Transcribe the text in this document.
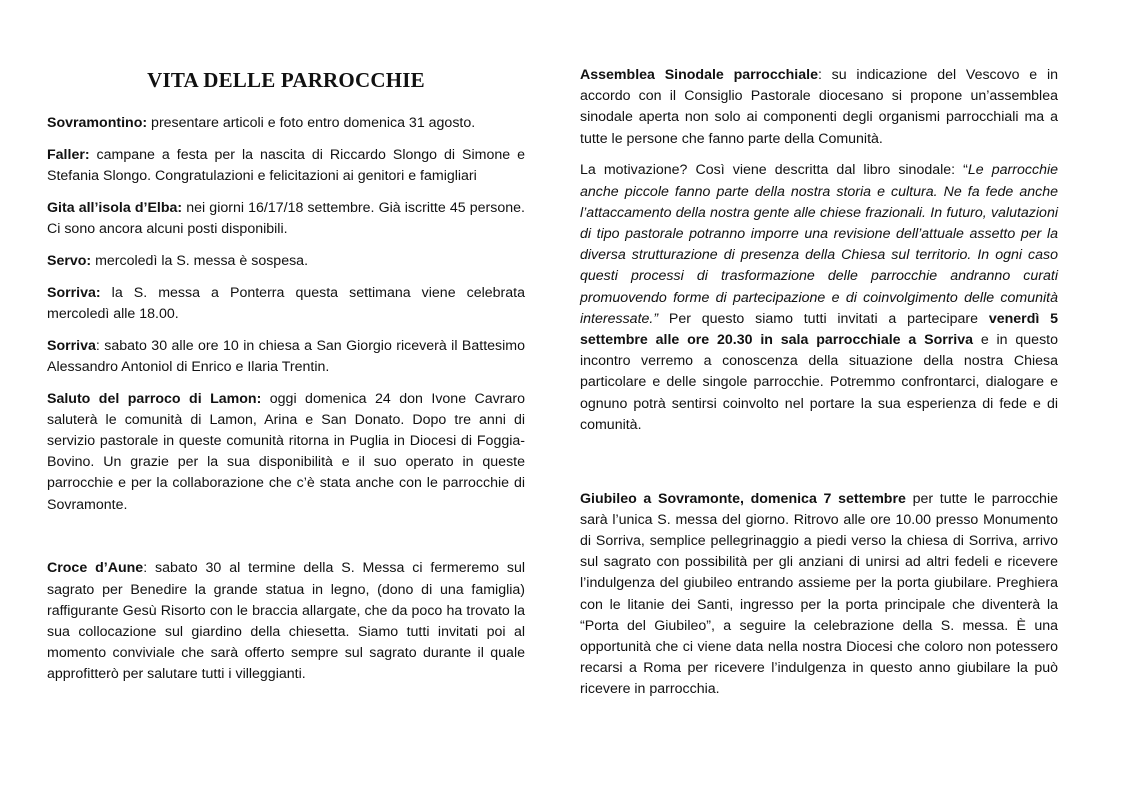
VITA DELLE PARROCCHIE

Sovramontino: presentare articoli e foto entro domenica 31 agosto.

Faller: campane a festa per la nascita di Riccardo Slongo di Simone e Stefania Slongo. Congratulazioni e felicitazioni ai genitori e famigliari

Gita all’isola d’Elba: nei giorni 16/17/18 settembre. Già iscritte 45 persone. Ci sono ancora alcuni posti disponibili.

Servo: mercoledì la S. messa è sospesa.

Sorriva: la S. messa a Ponterra questa settimana viene celebrata mercoledì alle 18.00.

Sorriva: sabato 30 alle ore 10 in chiesa a San Giorgio riceverà il Battesimo Alessandro Antoniol di Enrico e Ilaria Trentin.

Saluto del parroco di Lamon: oggi domenica 24 don Ivone Cavraro saluterà le comunità di Lamon, Arina e San Donato. Dopo tre anni di servizio pastorale in queste comunità ritorna in Puglia in Diocesi di Foggia-Bovino. Un grazie per la sua disponibilità e il suo operato in queste parrocchie e per la collaborazione che c’è stata anche con le parrocchie di Sovramonte.

Croce d’Aune: sabato 30 al termine della S. Messa ci fermeremo sul sagrato per Benedire la grande statua in legno, (dono di una famiglia) raffigurante Gesù Risorto con le braccia allargate, che da poco ha trovato la sua collocazione sul giardino della chiesetta. Siamo tutti invitati poi al momento conviviale che sarà offerto sempre sul sagrato durante il quale approfitterò per salutare tutti i villeggianti.

Assemblea Sinodale parrocchiale: su indicazione del Vescovo e in accordo con il Consiglio Pastorale diocesano si propone un’assemblea sinodale aperta non solo ai componenti degli organismi parrocchiali ma a tutte le persone che fanno parte della Comunità.

La motivazione? Così viene descritta dal libro sinodale: “Le parrocchie anche piccole fanno parte della nostra storia e cultura. Ne fa fede anche l’attaccamento della nostra gente alle chiese frazionali. In futuro, valutazioni di tipo pastorale potranno imporre una revisione dell’attuale assetto per la diversa strutturazione di presenza della Chiesa sul territorio. In ogni caso questi processi di trasformazione delle parrocchie andranno curati promuovendo forme di partecipazione e di coinvolgimento delle comunità interessate.” Per questo siamo tutti invitati a partecipare venerdì 5 settembre alle ore 20.30 in sala parrocchiale a Sorriva e in questo incontro verremo a conoscenza della situazione della nostra Chiesa particolare e delle singole parrocchie. Potremmo confrontarci, dialogare e ognuno potrà sentirsi coinvolto nel portare la sua esperienza di fede e di comunità.

Giubileo a Sovramonte, domenica 7 settembre per tutte le parrocchie sarà l’unica S. messa del giorno. Ritrovo alle ore 10.00 presso Monumento di Sorriva, semplice pellegrinaggio a piedi verso la chiesa di Sorriva, arrivo sul sagrato con possibilità per gli anziani di unirsi ad altri fedeli e ricevere l’indulgenza del giubileo entrando assieme per la porta giubilare. Preghiera con le litanie dei Santi, ingresso per la porta principale che diventerà la “Porta del Giubileo”, a seguire la celebrazione della S. messa. È una opportunità che ci viene data nella nostra Diocesi che coloro non potessero recarsi a Roma per ricevere l’indulgenza in questo anno giubilare la può ricevere in parrocchia.
